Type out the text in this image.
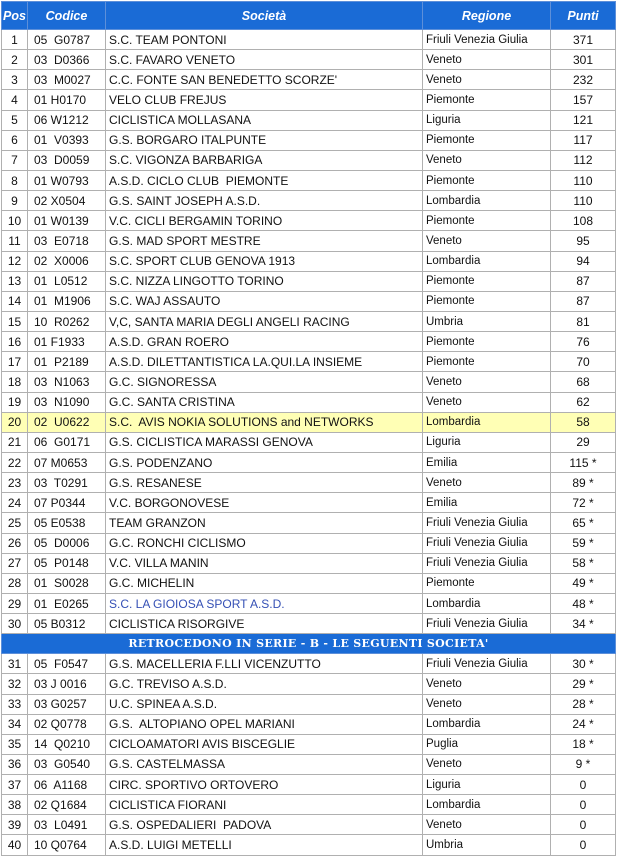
Pos	Codice	Società	Regione	Punti
1	05  G0787	S.C. TEAM PONTONI	Friuli Venezia Giulia	371
2	03  D0366	S.C. FAVARO VENETO	Veneto	301
3	03  M0027	C.C. FONTE SAN BENEDETTO SCORZE'	Veneto	232
4	01 H0170	VELO CLUB FREJUS	Piemonte	157
5	06 W1212	CICLISTICA MOLLASANA	Liguria	121
6	01  V0393	G.S. BORGARO ITALPUNTE	Piemonte	117
7	03  D0059	S.C. VIGONZA BARBARIGA	Veneto	112
8	01 W0793	A.S.D. CICLO CLUB  PIEMONTE	Piemonte	110
9	02 X0504	G.S. SAINT JOSEPH A.S.D.	Lombardia	110
10	01 W0139	V.C. CICLI BERGAMIN TORINO	Piemonte	108
11	03  E0718	G.S. MAD SPORT MESTRE	Veneto	95
12	02  X0006	S.C. SPORT CLUB GENOVA 1913	Lombardia	94
13	01  L0512	S.C. NIZZA LINGOTTO TORINO	Piemonte	87
14	01  M1906	S.C. WAJ ASSAUTO	Piemonte	87
15	10  R0262	V,C, SANTA MARIA DEGLI ANGELI RACING	Umbria	81
16	01 F1933	A.S.D. GRAN ROERO	Piemonte	76
17	01  P2189	A.S.D. DILETTANTISTICA LA.QUI.LA INSIEME	Piemonte	70
18	03  N1063	G.C. SIGNORESSA	Veneto	68
19	03  N1090	G.C. SANTA CRISTINA	Veneto	62
20	02  U0622	S.C.  AVIS NOKIA SOLUTIONS and NETWORKS	Lombardia	58
21	06  G0171	G.S. CICLISTICA MARASSI GENOVA	Liguria	29
22	07 M0653	G.S. PODENZANO	Emilia	115 *
23	03  T0291	G.S. RESANESE	Veneto	89 *
24	07 P0344	V.C. BORGONOVESE	Emilia	72 *
25	05 E0538	TEAM GRANZON	Friuli Venezia Giulia	65 *
26	05  D0006	G.C. RONCHI CICLISMO	Friuli Venezia Giulia	59 *
27	05  P0148	V.C. VILLA MANIN	Friuli Venezia Giulia	58 *
28	01  S0028	G.C. MICHELIN	Piemonte	49 *
29	01  E0265	S.C. LA GIOIOSA SPORT A.S.D.	Lombardia	48 *
30	05 B0312	CICLISTICA RISORGIVE	Friuli Venezia Giulia	34 *
RETROCEDONO IN SERIE - B - LE SEGUENTI SOCIETA'				
31	05  F0547	G.S. MACELLERIA F.LLI VICENZUTTO	Friuli Venezia Giulia	30 *
32	03 J 0016	G.C. TREVISO A.S.D.	Veneto	29 *
33	03 G0257	U.C. SPINEA A.S.D.	Veneto	28 *
34	02 Q0778	G.S.  ALTOPIANO OPEL MARIANI	Lombardia	24 *
35	14  Q0210	CICLOAMATORI AVIS BISCEGLIE	Puglia	18 *
36	03  G0540	G.S. CASTELMASSA	Veneto	9 *
37	06  A1168	CIRC. SPORTIVO ORTOVERO	Liguria	0
38	02 Q1684	CICLISTICA FIORANI	Lombardia	0
39	03  L0491	G.S. OSPEDALIERI  PADOVA	Veneto	0
40	10 Q0764	A.S.D. LUIGI METELLI	Umbria	0
